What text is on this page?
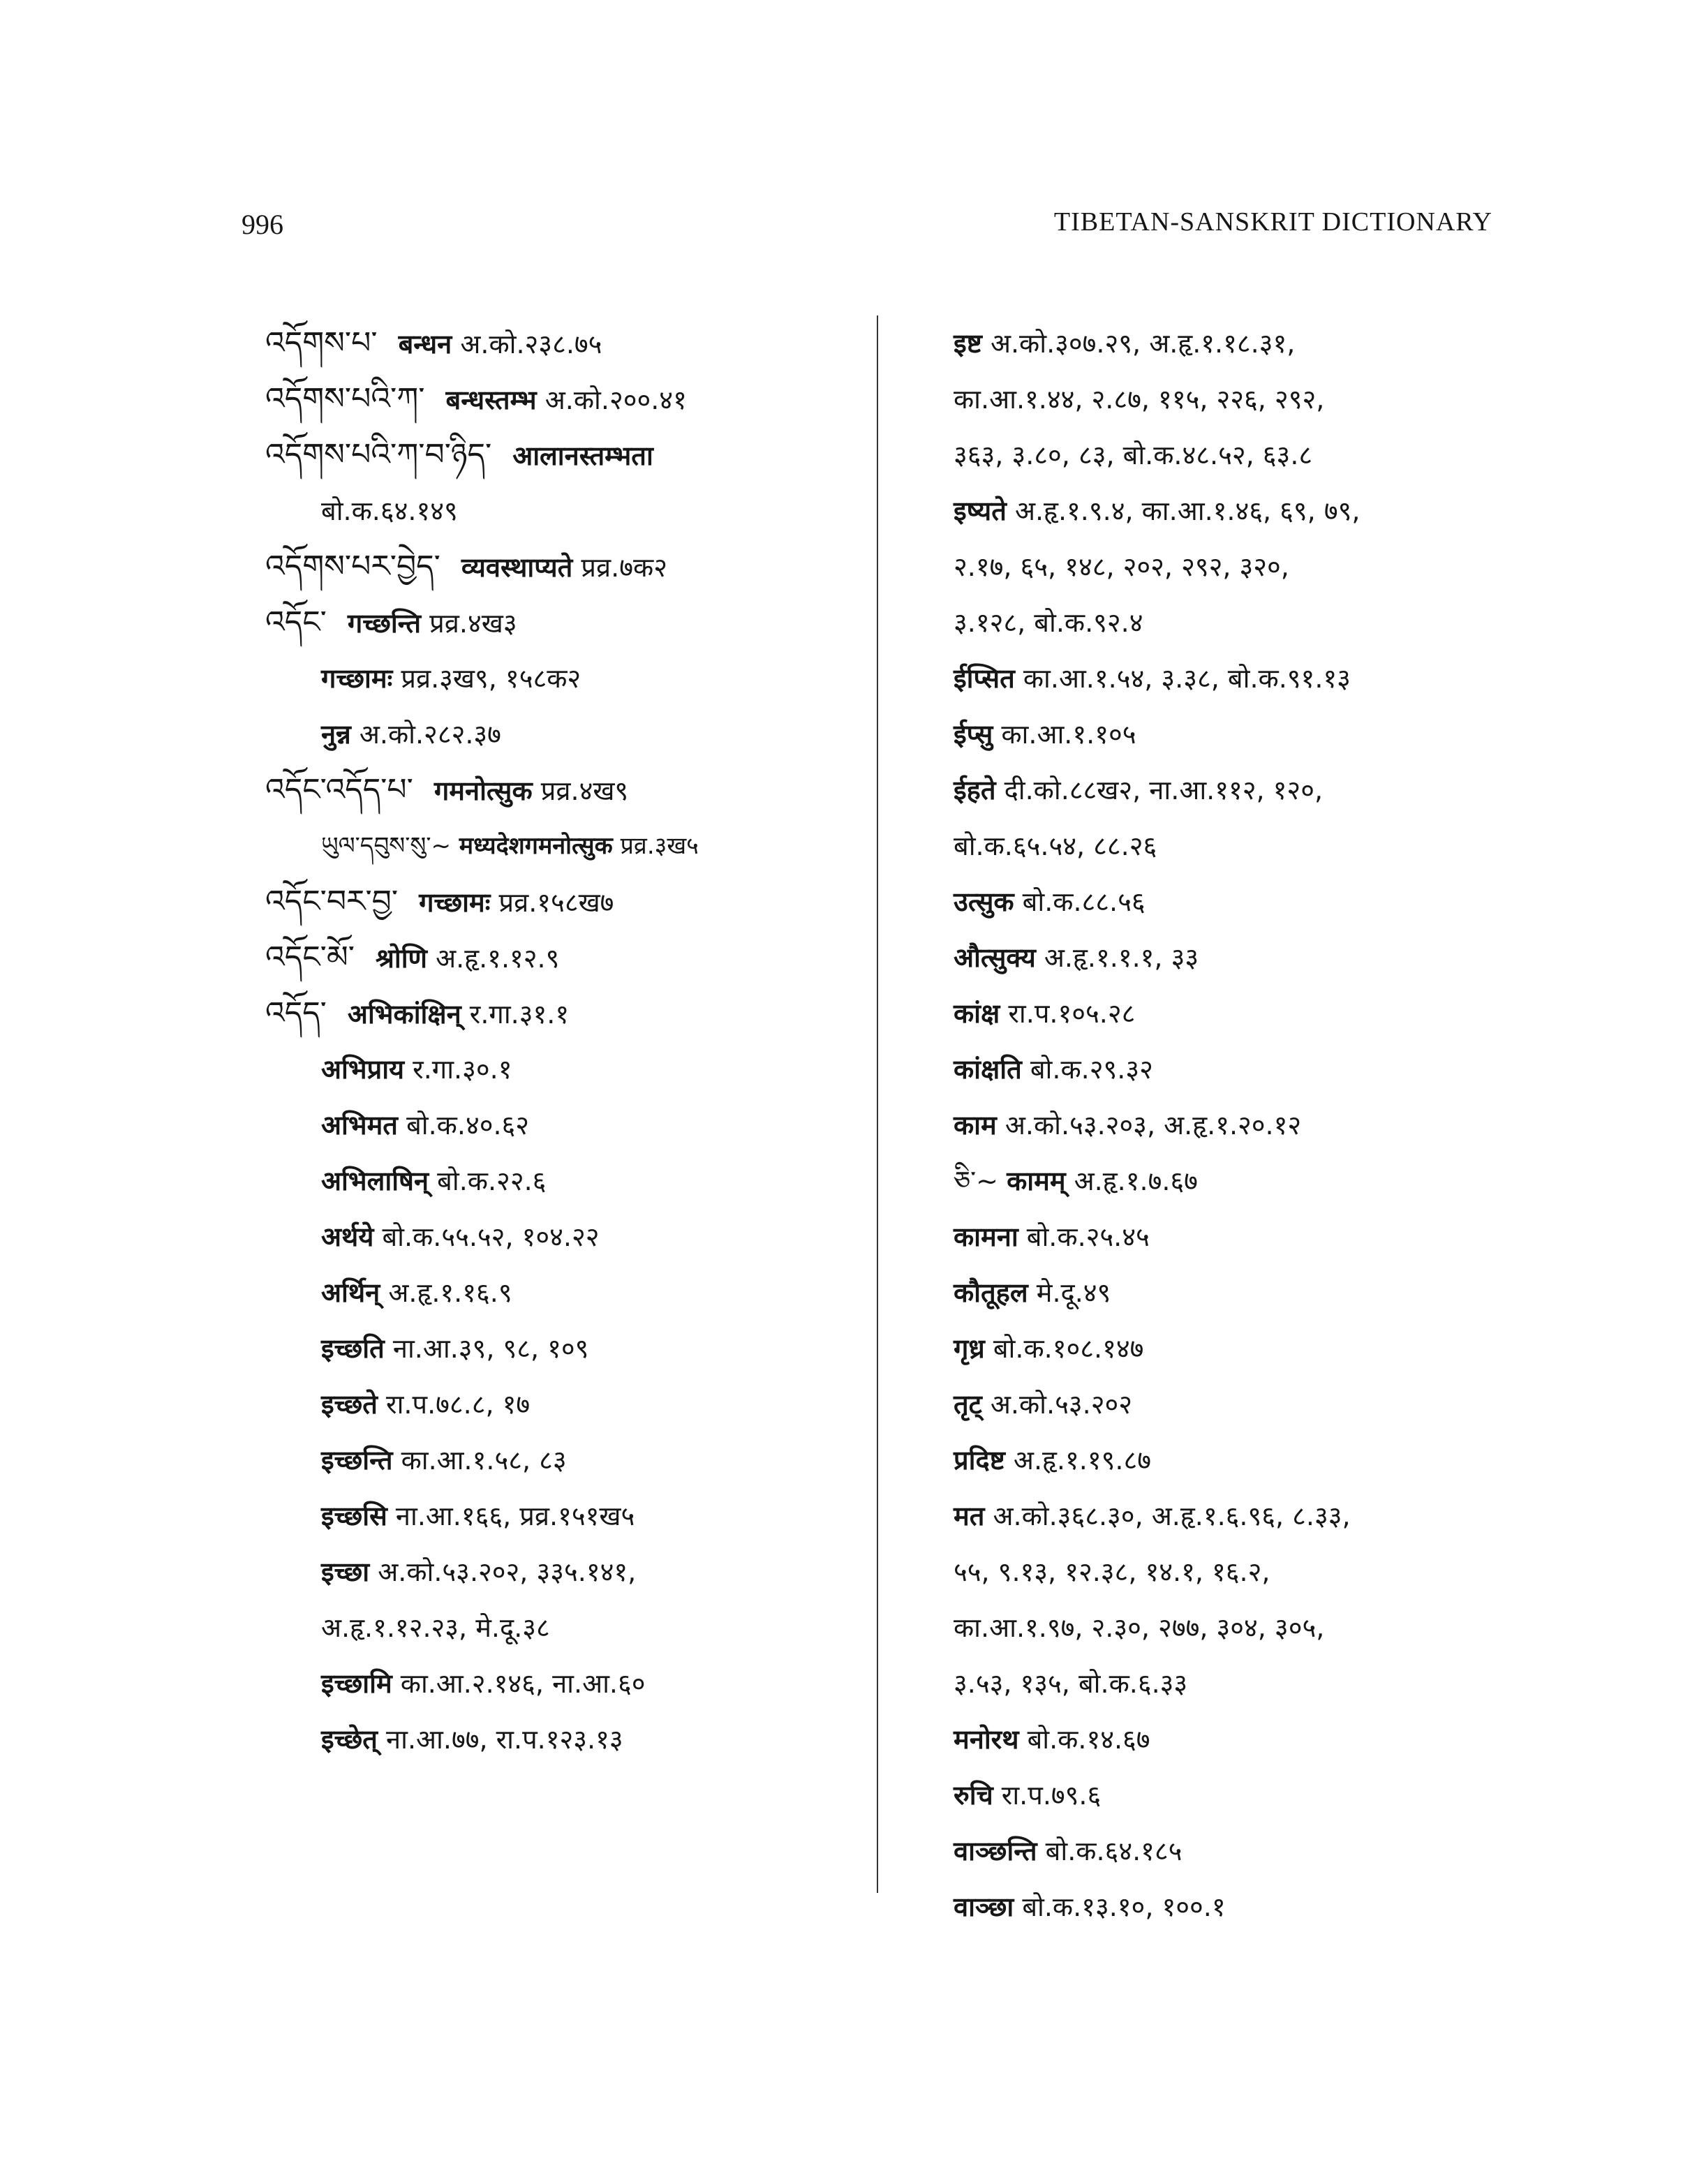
996	TIBETAN-SANSKRIT DICTIONARY
འདོགས་པ་ बन्धन अ.को.२३८.७५
འདོགས་པའི་ཀ་ बन्धस्तम्भ अ.को.२००.४१
འདོགས་པའི་ཀ་བ་ཉིད་ आलानस्तम्भता
बो.क.६४.१४९
འདོགས་པར་བྱེད་ व्यवस्थाप्यते प्रव्र.७क२
འདོང་ गच्छन्ति प्रव्र.४ख३
गच्छामः प्रव्र.३ख९, १५८क२
नुन्न अ.को.२८२.३७
འདོང་འདོད་པ་ गमनोत्सुक प्रव्र.४ख९
ཡུལ་དབུས་སུ་~ मध्यदेशगमनोत्सुक प्रव्र.३ख५
འདོང་བར་བྱ་ गच्छामः प्रव्र.१५८ख७
འདོང་མོ་ श्रोणि अ.हृ.१.१२.९
འདོད་ अभिकांक्षिन् र.गा.३१.१
अभिप्राय र.गा.३०.१
अभिमत बो.क.४०.६२
अभिलाषिन् बो.क.२२.६
अर्थये बो.क.५५.५२, १०४.२२
अर्थिन् अ.हृ.१.१६.९
इच्छति ना.आ.३९, ९८, १०९
इच्छते रा.प.७८.८, १७
इच्छन्ति का.आ.१.५८, ८३
इच्छसि ना.आ.१६६, प्रव्र.१५१ख५
इच्छा अ.को.५३.२०२, ३३५.१४१,
अ.हृ.१.१२.२३, मे.दू.३८
इच्छामि का.आ.२.१४६, ना.आ.६०
इच्छेत् ना.आ.७७, रा.प.१२३.१३
इष्ट अ.को.३०७.२९, अ.हृ.१.१८.३१,
का.आ.१.४४, २.८७, ११५, २२६, २९२,
३६३, ३.८०, ८३, बो.क.४८.५२, ६३.८
इष्यते अ.हृ.१.९.४, का.आ.१.४६, ६९, ७९,
२.१७, ६५, १४८, २०२, २९२, ३२०,
३.१२८, बो.क.९२.४
ईप्सित का.आ.१.५४, ३.३८, बो.क.९१.१३
ईप्सु का.आ.१.१०५
ईहते दी.को.८८ख२, ना.आ.११२, १२०,
बो.क.६५.५४, ८८.२६
उत्सुक बो.क.८८.५६
औत्सुक्य अ.हृ.१.१.१, ३३
कांक्ष रा.प.१०५.२८
कांक्षति बो.क.२९.३२
काम अ.को.५३.२०३, अ.हृ.१.२०.१२
ཅི་~ कामम् अ.हृ.१.७.६७
कामना बो.क.२५.४५
कौतूहल मे.दू.४९
गृध्र बो.क.१०८.१४७
तृट् अ.को.५३.२०२
प्रदिष्ट अ.हृ.१.१९.८७
मत अ.को.३६८.३०, अ.हृ.१.६.९६, ८.३३,
५५, ९.१३, १२.३८, १४.१, १६.२,
का.आ.१.९७, २.३०, २७७, ३०४, ३०५,
३.५३, १३५, बो.क.६.३३
मनोरथ बो.क.१४.६७
रुचि रा.प.७९.६
वाञ्छन्ति बो.क.६४.१८५
वाञ्छा बो.क.१३.१०, १००.१
